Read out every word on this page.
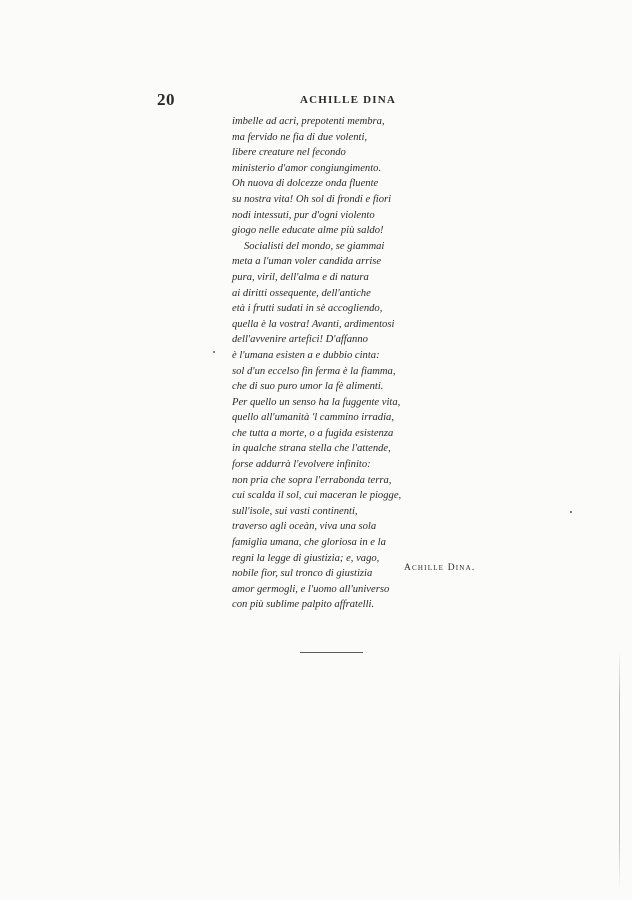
20	ACHILLE DINA
imbelle ad acri, prepotenti membra,
ma fervido ne fia di due volenti,
libere creature nel fecondo
ministerio d'amor congiungimento.
Oh nuova di dolcezze onda fluente
su nostra vita! Oh sol di frondi e fiori
nodi intessuti, pur d'ogni violento
giogo nelle educate alme più saldo!
Socialisti del mondo, se giammai
meta a l'uman voler candida arrise
pura, viril, dell'alma e di natura
ai diritti ossequente, dell'antiche
età i frutti sudati in sè accogliendo,
quella è la vostra! Avanti, ardimentosi
dell'avvenire artefici! D'affanno
è l'umana esisten a e dubbio cinta:
sol d'un eccelso fin ferma è la fiamma,
che di suo puro umor la fè alimenti.
Per quello un senso ha la fuggente vita,
quello all'umanità 'l cammino irradia,
che tutta a morte, o a fugida esistenza
in qualche strana stella che l'attende,
forse addurrà l'evolvere infinito:
non pria che sopra l'errabonda terra,
cui scalda il sol, cui maceran le piogge,
sull'isole, sui vasti continenti,
traverso agli oceàn, viva una sola
famiglia umana, che gloriosa in e la
regni la legge di giustizia; e, vago,
nobile fior, sul tronco di giustizia
amor germogli, e l'uomo all'universo
con più sublime palpito affratelli.
Achille Dina.
